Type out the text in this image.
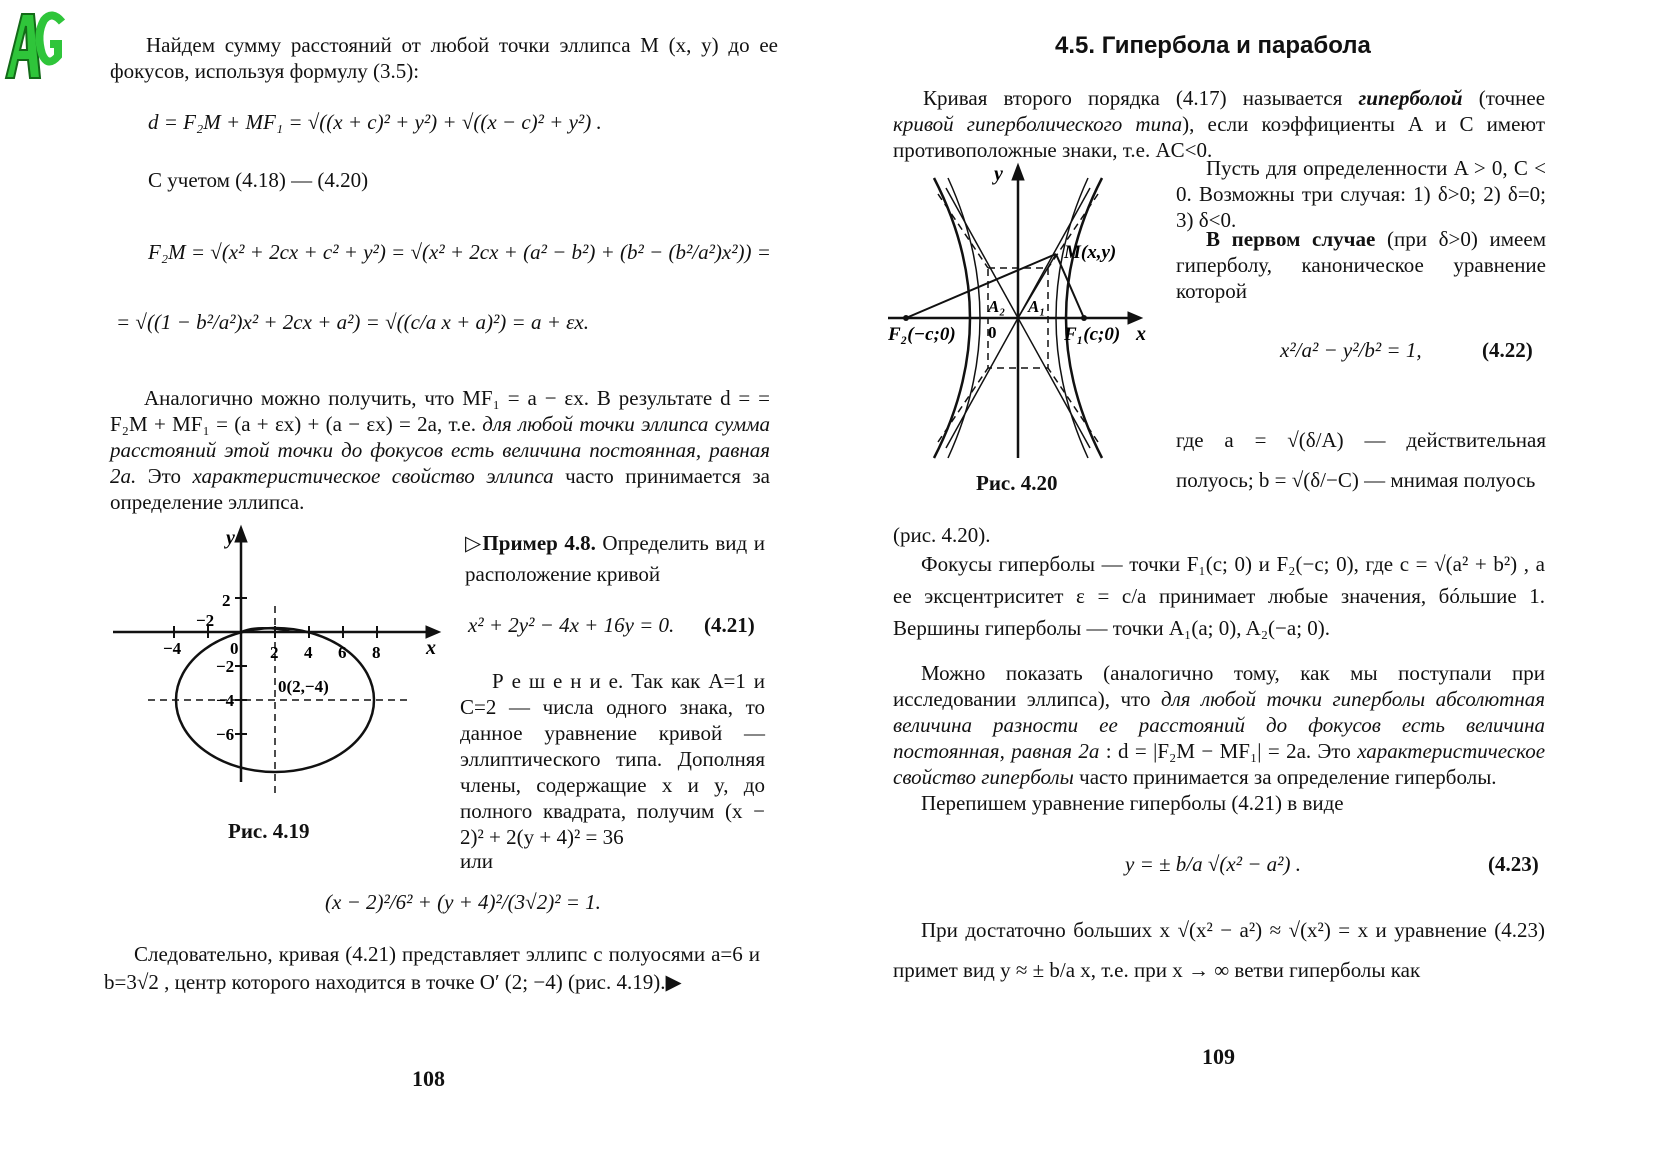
Найдем сумму расстояний от любой точки эллипса M (x, y) до ее фокусов, используя формулу (3.5):
d = F₂M + MF₁ = √((x + c)² + y²) + √((x − c)² + y²) .
С учетом (4.18) — (4.20)
F₂M = √(x² + 2cx + c² + y²) = √(x² + 2cx + (a² − b²) + (b² − (b²/a²)x²)) =
= √((1 − b²/a²)x² + 2cx + a²) = √((c/a x + a)²) = a + εx.
Аналогично можно получить, что MF₁ = a − εx. В результате d = = F₂M + MF₁ = (a + εx) + (a − εx) = 2a, т.е. для любой точки эллипса сумма расстояний этой точки до фокусов есть величина постоянная, равная 2a. Это характеристическое свойство эллипса часто принимается за определение эллипса.
x
y
−4
−2
0 2 4 6 8
2
−2
−4
−6
0(2,−4)
Рис. 4.19
▷Пример 4.8. Определить вид и расположение кривой
x² + 2y² − 4x + 16y = 0. (4.21)
Р е ш е н и е. Так как A=1 и C=2 — числа одного знака, то данное уравнение кривой — эллиптического типа. Дополняя члены, содержащие x и y, до полного квадрата, получим (x − 2)² + 2(y + 4)² = 36
или
(x − 2)²/6² + (y + 4)²/(3√2)² = 1.
Следовательно, кривая (4.21) представляет эллипс с полуосями a=6 и b=3√2 , центр которого находится в точке O′ (2; −4) (рис. 4.19).▶
108
4.5. Гипербола и парабола
Кривая второго порядка (4.17) называется гиперболой (точнее кривой гиперболического типа), если коэффициенты A и C имеют противоположные знаки, т.е. AC<0.
y
x
M(x,y)
F₂(−c;0)	F₁(c;0)
A₂ A₁
0
Рис. 4.20
Пусть для определенности A > 0, C < 0. Возможны три случая: 1) δ>0; 2) δ=0; 3) δ<0.
В первом случае (при δ>0) имеем гиперболу, каноническое уравнение которой
x²/a² − y²/b² = 1,	(4.22)
где a = √(δ/A) — действительная полуось; b = √(δ/−C) — мнимая полуось
(рис. 4.20).
Фокусы гиперболы — точки F₁(c; 0) и F₂(−c; 0), где c = √(a² + b²) , а ее эксцентриситет ε = c/a принимает любые значения, бóльшие 1. Вершины гиперболы — точки A₁(a; 0), A₂(−a; 0).
Можно показать (аналогично тому, как мы поступали при исследовании эллипса), что для любой точки гиперболы абсолютная величина разности ее расстояний до фокусов есть величина постоянная, равная 2a : d = |F₂M − MF₁| = 2a. Это характеристическое свойство гиперболы часто принимается за определение гиперболы.
Перепишем уравнение гиперболы (4.21) в виде
y = ± b/a √(x² − a²) .	(4.23)
При достаточно больших x √(x² − a²) ≈ √(x²) = x и уравнение (4.23) примет вид y ≈ ± b/a x, т.е. при x → ∞ ветви гиперболы как
109
